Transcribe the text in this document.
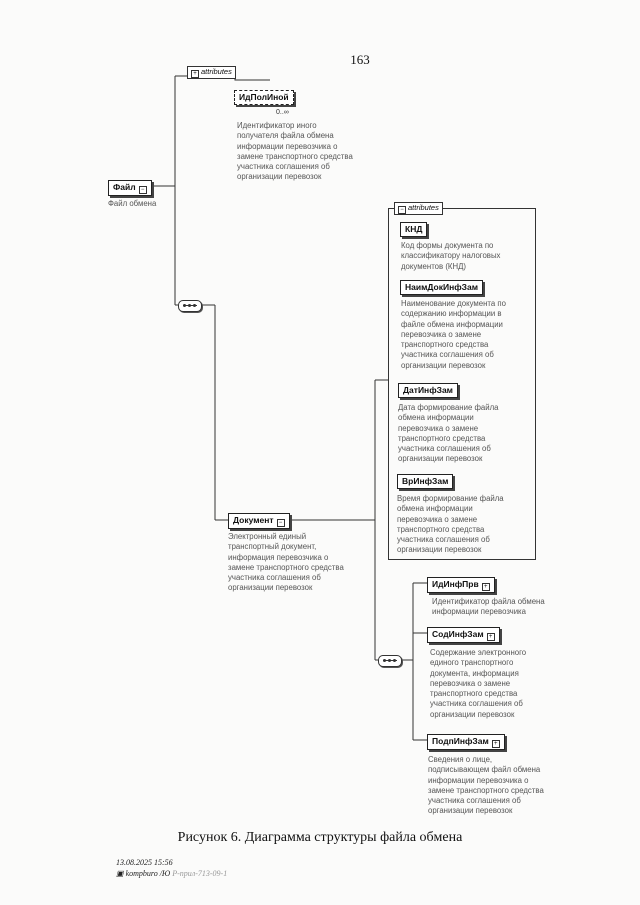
163
+ attributes
ИдПолИной
0..∞
Идентификатор иного
получателя файла обмена
информации перевозчика о
замене транспортного средства
участника соглашения об
организации перевозок
Файл −
Файл обмена
− attributes
КНД
Код формы документа по
классификатору налоговых
документов (КНД)
НаимДокИнфЗам
Наименование документа по
содержанию информации в
файле обмена информации
перевозчика о замене
транспортного средства
участника соглашения об
организации перевозок
ДатИнфЗам
Дата формирование файла
обмена информации
перевозчика о замене
транспортного средства
участника соглашения об
организации перевозок
ВрИнфЗам
Время формирование файла
обмена информации
перевозчика о замене
транспортного средства
участника соглашения об
организации перевозок
Документ −
Электронный единый
транспортный документ,
информация перевозчика о
замене транспортного средства
участника соглашения об
организации перевозок	ИдИнфПрв +
Идентификатор файла обмена
информации перевозчика
СодИнфЗам +
Содержание электронного
единого транспортного
документа, информация
перевозчика о замене
транспортного средства
участника соглашения об
организации перевозок
ПодпИнфЗам +
Сведения о лице,
подписывающем файл обмена
информации перевозчика о
замене транспортного средства
участника соглашения об
организации перевозок
Рисунок 6. Диаграмма структуры файла обмена
13.08.2025 15:56
▣ kompburo /Ю Р-прил-713-09-1
